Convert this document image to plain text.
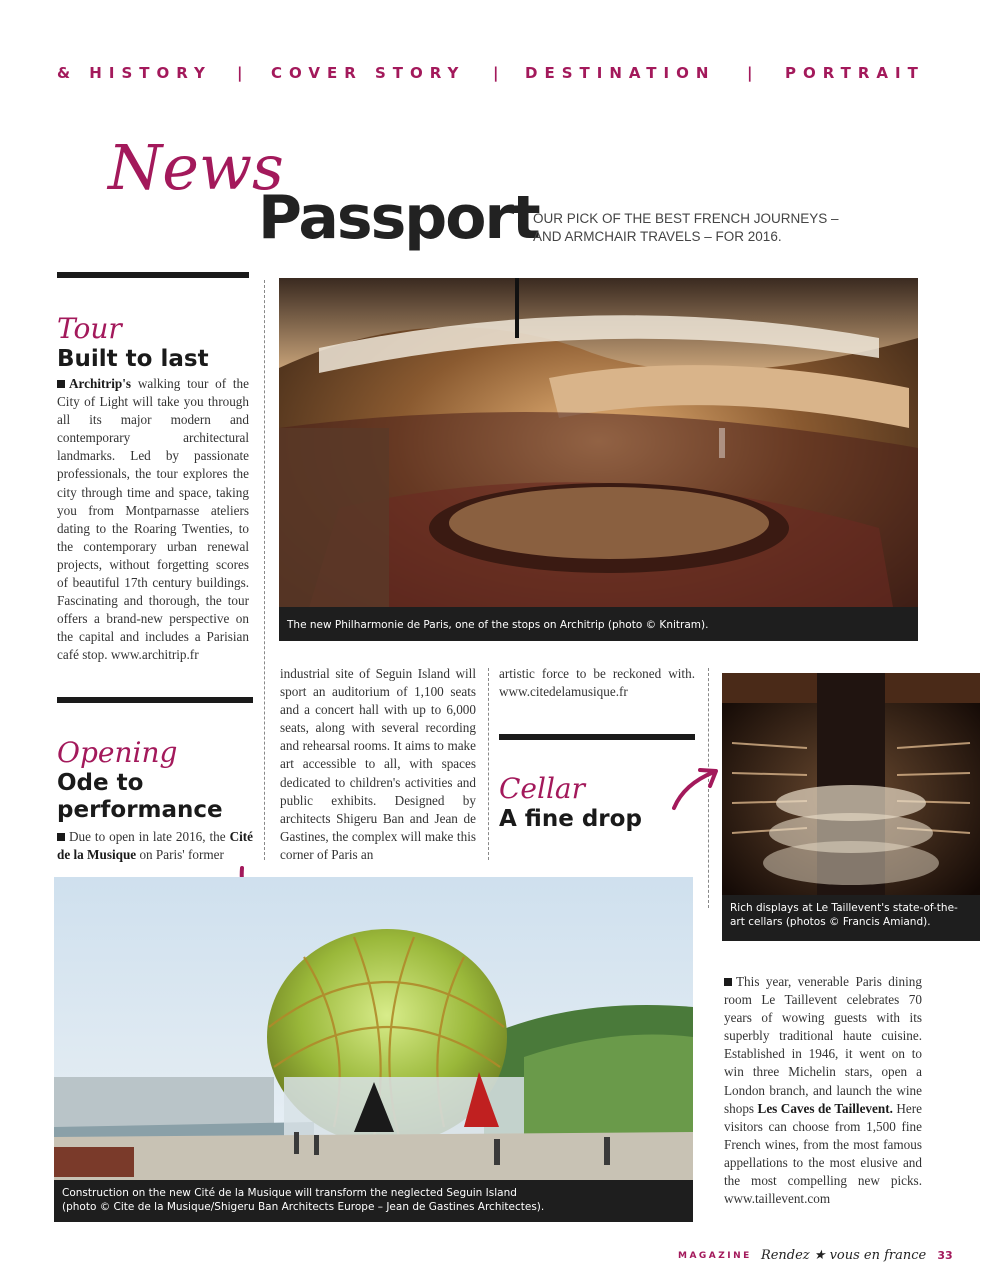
& HISTORY | COVER STORY | DESTINATION | PORTRAIT
News
Passport
OUR PICK OF THE BEST FRENCH JOURNEYS – AND ARMCHAIR TRAVELS – FOR 2016.
Tour
Built to last
Architrip's walking tour of the City of Light will take you through all its major modern and contemporary architectural landmarks. Led by passionate professionals, the tour explores the city through time and space, taking you from Montparnasse ateliers dating to the Roaring Twenties, to the contemporary urban renewal projects, without forgetting scores of beautiful 17th century buildings. Fascinating and thorough, the tour offers a brand-new perspective on the capital and includes a Parisian café stop. www.architrip.fr
The new Philharmonie de Paris, one of the stops on Architrip (photo © Knitram).
Opening
Ode to
performance
Due to open in late 2016, the Cité de la Musique on Paris' former
industrial site of Seguin Island will sport an auditorium of 1,100 seats and a concert hall with up to 6,000 seats, along with several recording and rehearsal rooms. It aims to make art accessible to all, with spaces dedicated to children's activities and public exhibits. Designed by architects Shigeru Ban and Jean de Gastines, the complex will make this corner of Paris an
artistic force to be reckoned with. www.citedelamusique.fr
Cellar
A fine drop
Rich displays at Le Taillevent's state-of-the-art cellars (photos © Francis Amiand).
This year, venerable Paris dining room Le Taillevent celebrates 70 years of wowing guests with its superbly traditional haute cuisine. Established in 1946, it went on to win three Michelin stars, open a London branch, and launch the wine shops Les Caves de Taillevent. Here visitors can choose from 1,500 fine French wines, from the most famous appellations to the most elusive and the most compelling new picks. www.taillevent.com
Construction on the new Cité de la Musique will transform the neglected Seguin Island
(photo © Cite de la Musique/Shigeru Ban Architects Europe – Jean de Gastines Architectes).
MAGAZINE Rendez ★ vous en france 33
